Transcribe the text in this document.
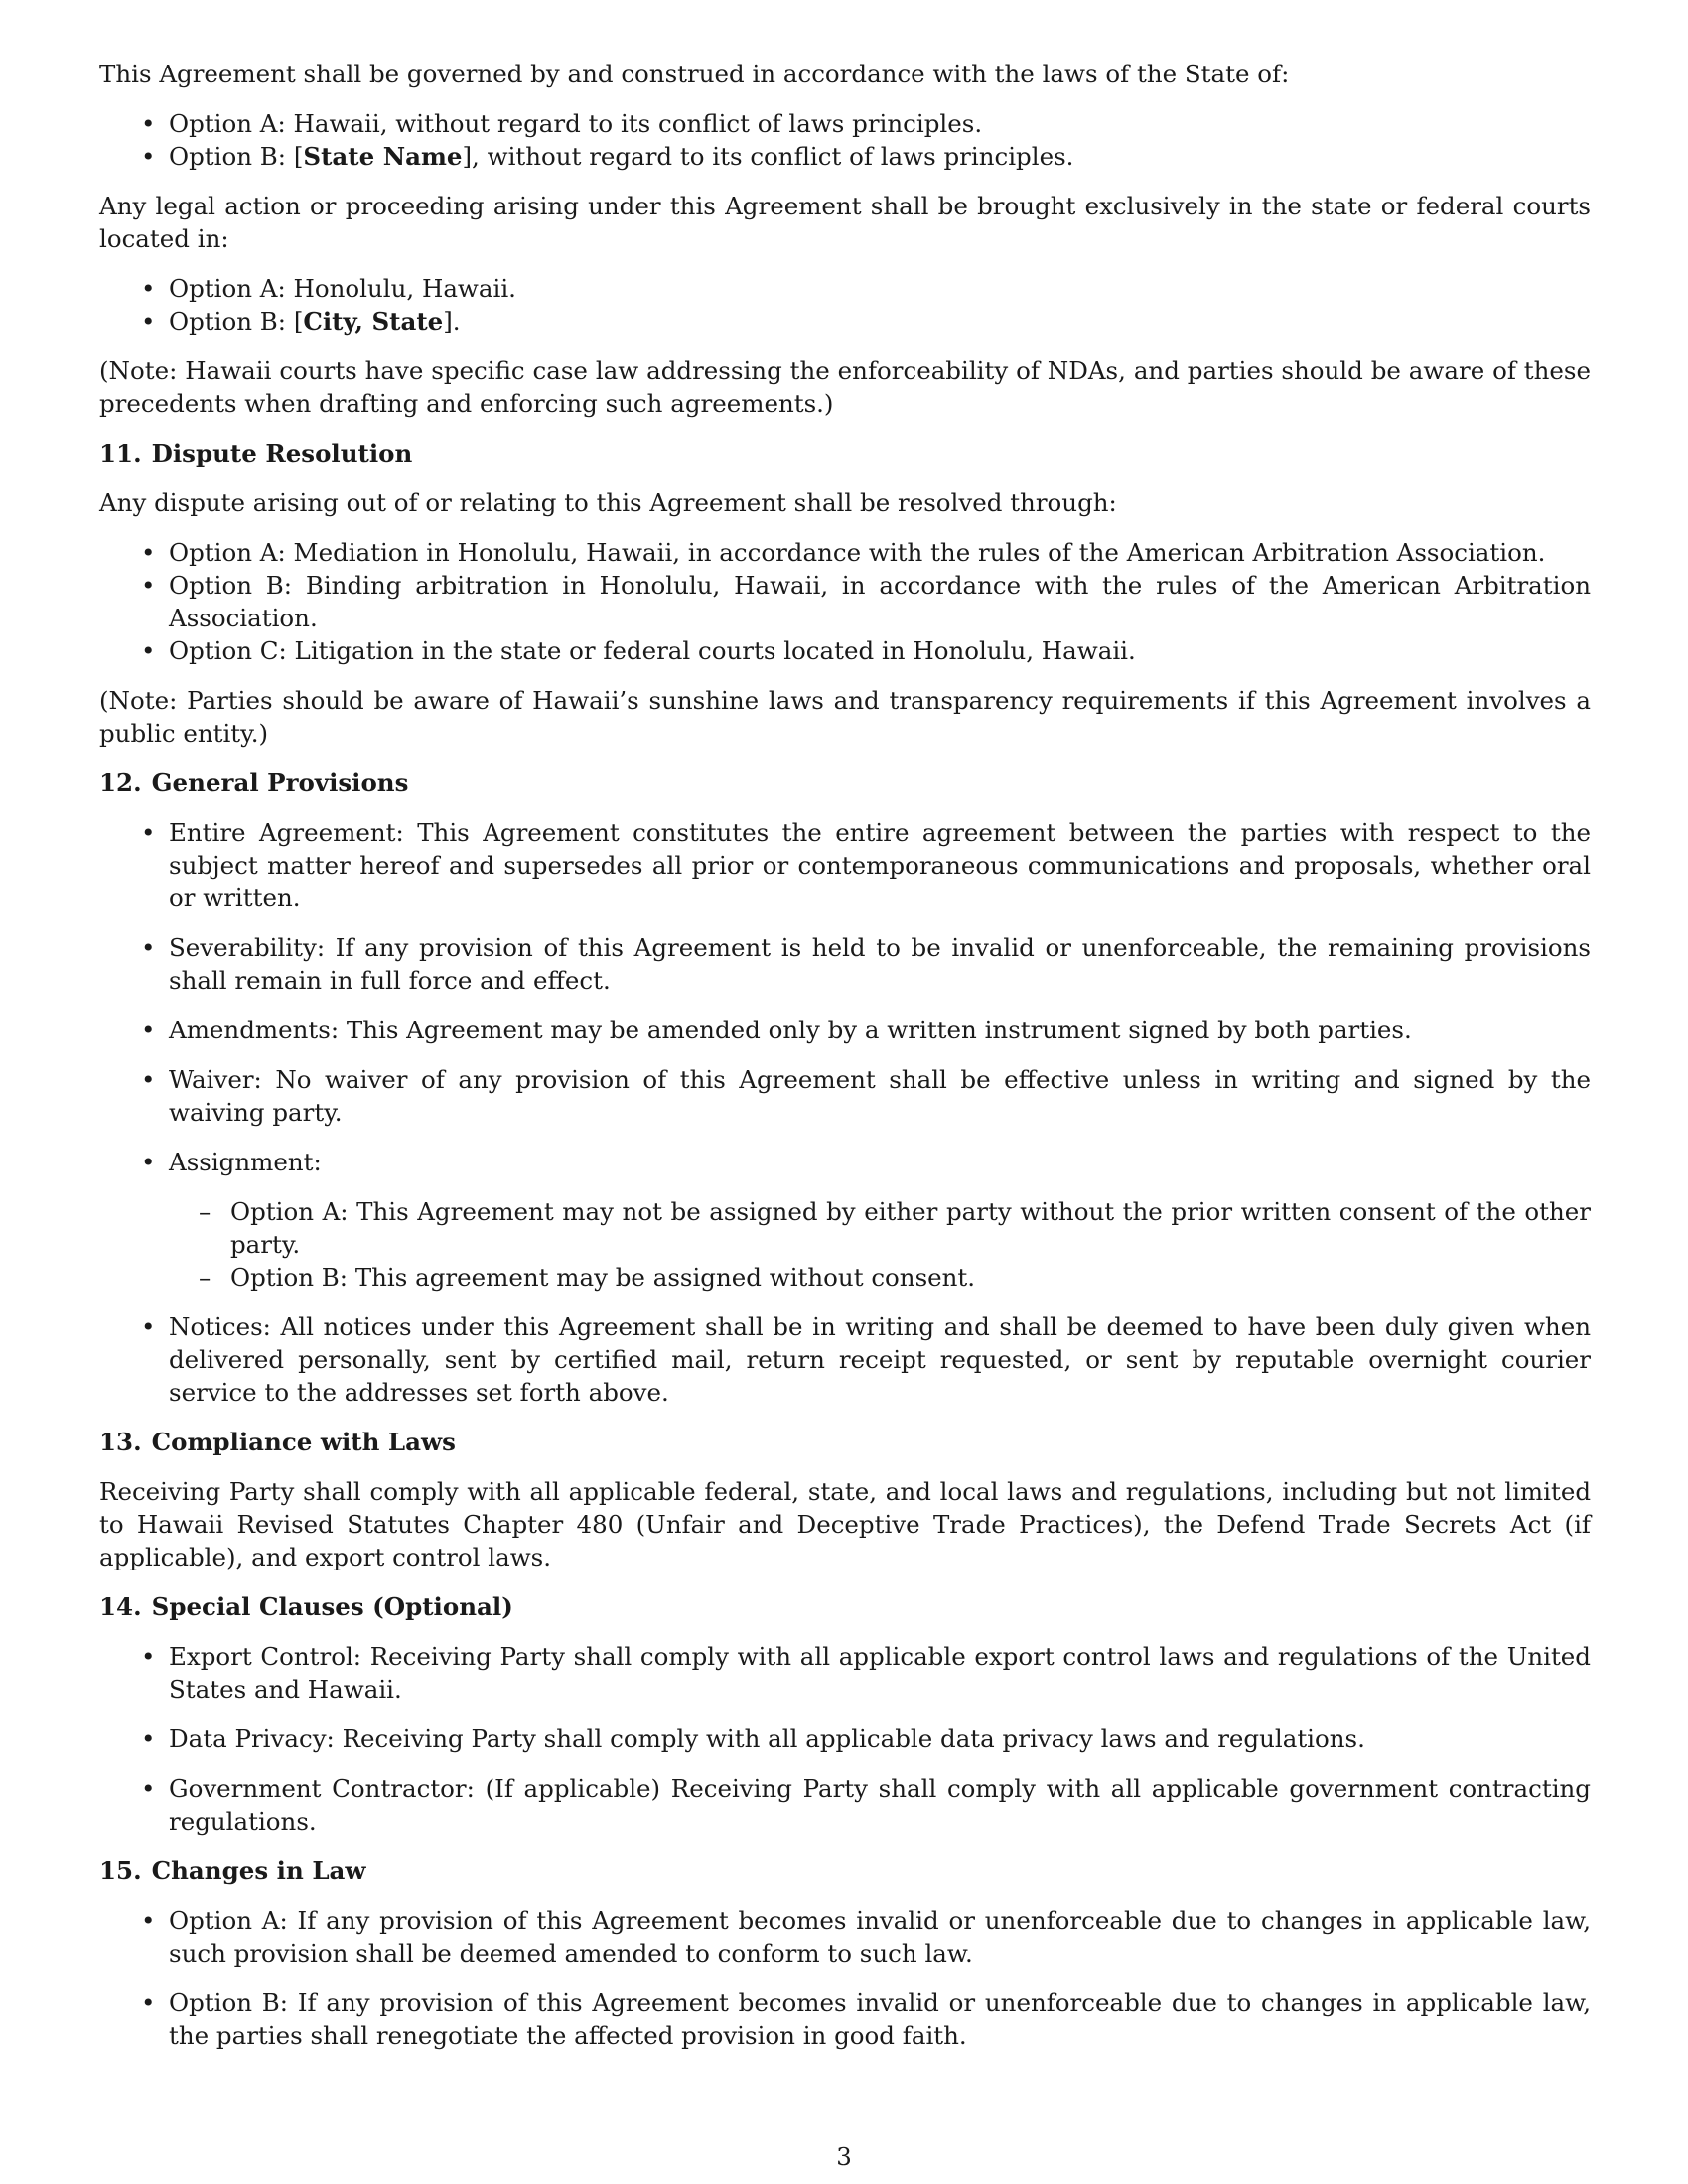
This Agreement shall be governed by and construed in accordance with the laws of the State of:

• Option A: Hawaii, without regard to its conflict of laws principles.
• Option B: [State Name], without regard to its conflict of laws principles.

Any legal action or proceeding arising under this Agreement shall be brought exclusively in the state or federal courts located in:

• Option A: Honolulu, Hawaii.
• Option B: [City, State].

(Note: Hawaii courts have specific case law addressing the enforceability of NDAs, and parties should be aware of these precedents when drafting and enforcing such agreements.)

11. Dispute Resolution

Any dispute arising out of or relating to this Agreement shall be resolved through:

• Option A: Mediation in Honolulu, Hawaii, in accordance with the rules of the American Arbitration Association.
• Option B: Binding arbitration in Honolulu, Hawaii, in accordance with the rules of the American Arbitration Association.
• Option C: Litigation in the state or federal courts located in Honolulu, Hawaii.

(Note: Parties should be aware of Hawaii’s sunshine laws and transparency requirements if this Agreement involves a public entity.)

12. General Provisions
• Entire Agreement: This Agreement constitutes the entire agreement between the parties with respect to the subject matter hereof and supersedes all prior or contemporaneous communications and proposals, whether oral or written.
• Severability: If any provision of this Agreement is held to be invalid or unenforceable, the remaining provisions shall remain in full force and effect.
• Amendments: This Agreement may be amended only by a written instrument signed by both parties.
• Waiver: No waiver of any provision of this Agreement shall be effective unless in writing and signed by the waiving party.
• Assignment:
– Option A: This Agreement may not be assigned by either party without the prior written consent of the other party.
– Option B: This agreement may be assigned without consent.
• Notices: All notices under this Agreement shall be in writing and shall be deemed to have been duly given when delivered personally, sent by certified mail, return receipt requested, or sent by reputable overnight courier service to the addresses set forth above.
13. Compliance with Laws

Receiving Party shall comply with all applicable federal, state, and local laws and regulations, including but not limited to Hawaii Revised Statutes Chapter 480 (Unfair and Deceptive Trade Practices), the Defend Trade Secrets Act (if applicable), and export control laws.

14. Special Clauses (Optional)
• Export Control: Receiving Party shall comply with all applicable export control laws and regulations of the United States and Hawaii.
• Data Privacy: Receiving Party shall comply with all applicable data privacy laws and regulations.
• Government Contractor: (If applicable) Receiving Party shall comply with all applicable government contracting regulations.
15. Changes in Law
• Option A: If any provision of this Agreement becomes invalid or unenforceable due to changes in applicable law, such provision shall be deemed amended to conform to such law.
• Option B: If any provision of this Agreement becomes invalid or unenforceable due to changes in applicable law, the parties shall renegotiate the affected provision in good faith.
3
